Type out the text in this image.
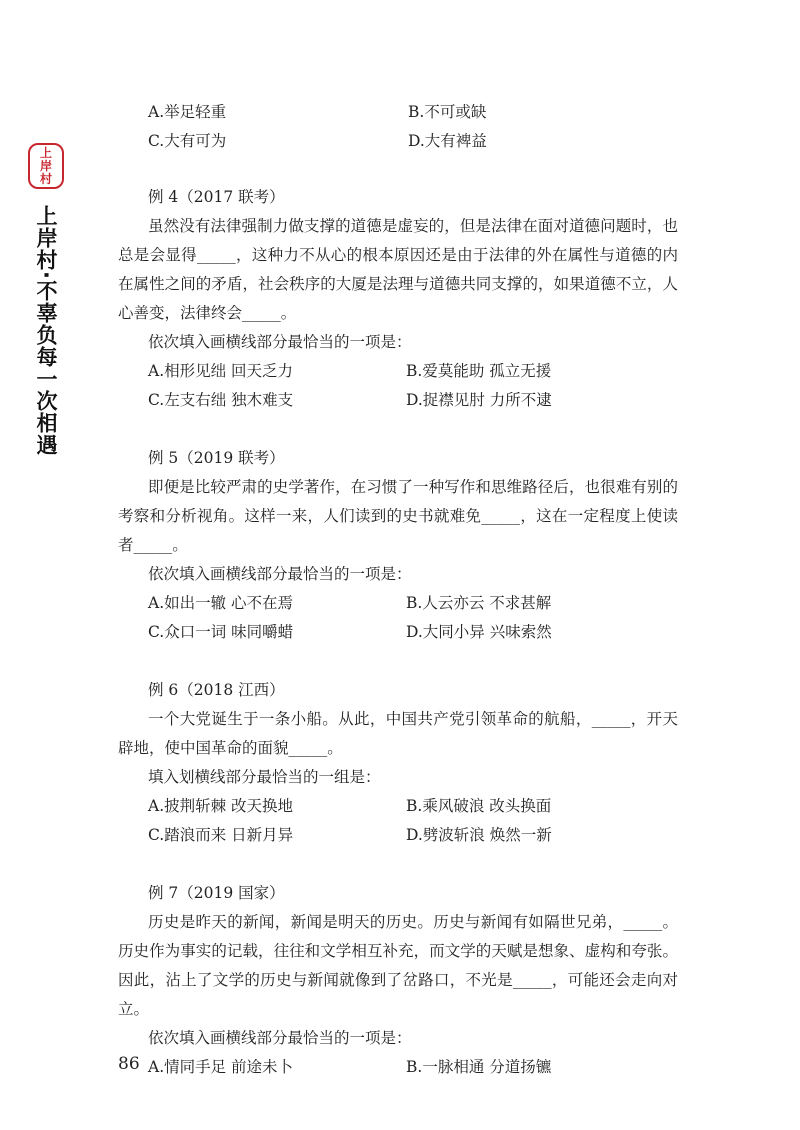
上
岸
村
上岸村·不辜负每一次相遇
A.举足轻重	B.不可或缺
C.大有可为	D.大有裨益
例 4（2017 联考）
虽然没有法律强制力做支撑的道德是虚妄的，但是法律在面对道德问题时，也总是会显得_____，这种力不从心的根本原因还是由于法律的外在属性与道德的内在属性之间的矛盾，社会秩序的大厦是法理与道德共同支撑的，如果道德不立，人心善变，法律终会_____。
依次填入画横线部分最恰当的一项是：
A.相形见绌 回天乏力	B.爱莫能助 孤立无援
C.左支右绌 独木难支	D.捉襟见肘 力所不逮
例 5（2019 联考）
即便是比较严肃的史学著作，在习惯了一种写作和思维路径后，也很难有别的考察和分析视角。这样一来，人们读到的史书就难免_____，这在一定程度上使读者_____。
依次填入画横线部分最恰当的一项是：
A.如出一辙 心不在焉	B.人云亦云 不求甚解
C.众口一词 味同嚼蜡	D.大同小异 兴味索然
例 6（2018 江西）
一个大党诞生于一条小船。从此，中国共产党引领革命的航船，_____，开天辟地，使中国革命的面貌_____。
填入划横线部分最恰当的一组是：
A.披荆斩棘 改天换地	B.乘风破浪 改头换面
C.踏浪而来 日新月异	D.劈波斩浪 焕然一新
例 7（2019 国家）
历史是昨天的新闻，新闻是明天的历史。历史与新闻有如隔世兄弟，_____。历史作为事实的记载，往往和文学相互补充，而文学的天赋是想象、虚构和夸张。因此，沾上了文学的历史与新闻就像到了岔路口，不光是_____，可能还会走向对立。
依次填入画横线部分最恰当的一项是：
A.情同手足 前途未卜	B.一脉相通 分道扬镳
86
